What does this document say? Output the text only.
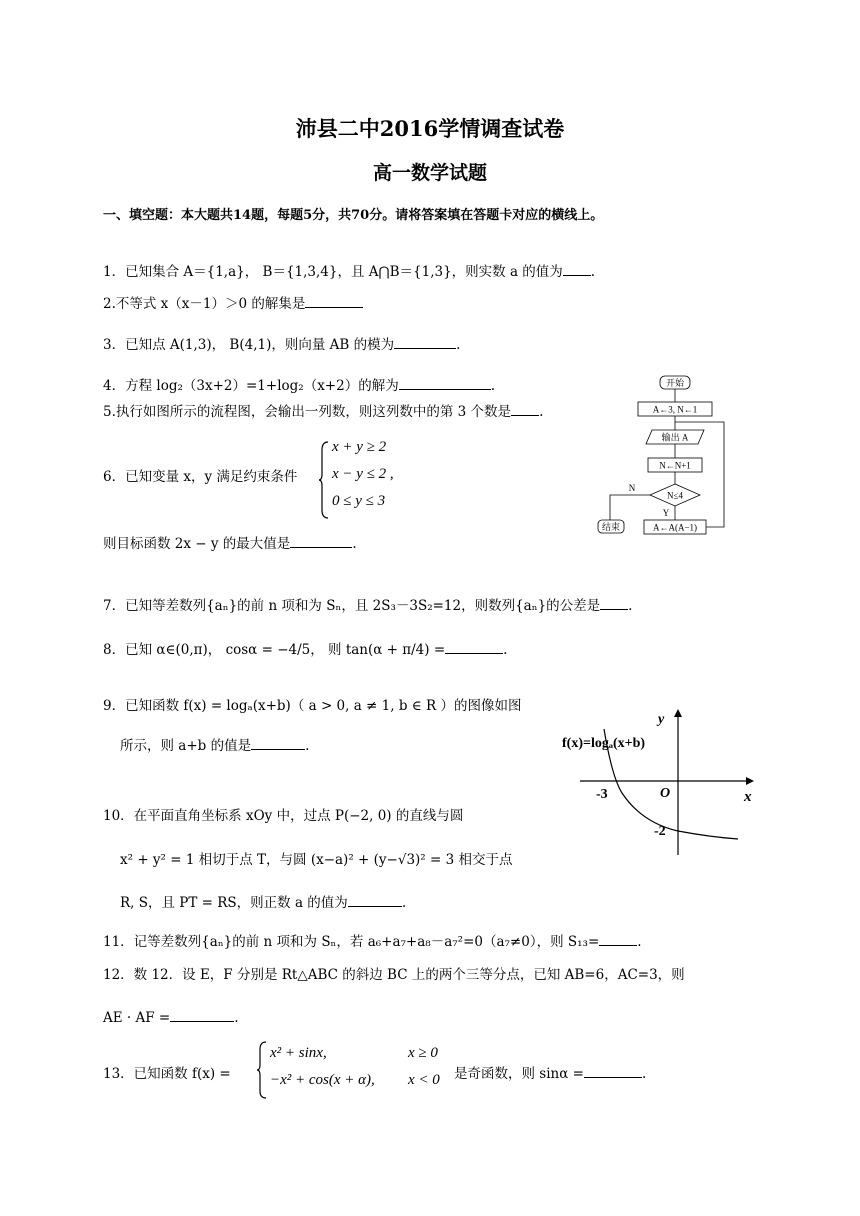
沛县二中2016学情调查试卷
高一数学试题
一、填空题：本大题共14题，每题5分，共70分。请将答案填在答题卡对应的横线上。
1．已知集合 A＝{1,a}， B＝{1,3,4}，且 A⋂B＝{1,3}，则实数 a 的值为 .
2.不等式 x（x－1）＞0 的解集是
3．已知点 A(1,3)， B(4,1)，则向量 AB 的模为	.
4．方程 log₂（3x+2）=1+log₂（x+2）的解为	.
5.执行如图所示的流程图，会输出一列数，则这列数中的第 3 个数是 .
6．已知变量 x，y 满足约束条件
x + y ≥ 2
x − y ≤ 2 ,
0 ≤ y ≤ 3
则目标函数 2x − y 的最大值是	.
开始
A←3, N←1
输出 A
N←N+1
N≤4
A←A(A−1)
结束
N
Y
7．已知等差数列{aₙ}的前 n 项和为 Sₙ，且 2S₃－3S₂=12，则数列{aₙ}的公差是 .
8．已知 α∈(0,π)， cosα = −4/5， 则 tan(α + π/4) =	.
9．已知函数 f(x) = logₐ(x+b)（ a > 0, a ≠ 1, b ∈ R ）的图像如图
所示，则 a+b 的值是	.	f(x)=logₐ(x+b)
y
x
O
-3
-2
10．在平面直角坐标系 xOy 中，过点 P(−2, 0) 的直线与圆
x² + y² = 1 相切于点 T，与圆 (x−a)² + (y−√3)² = 3 相交于点
R, S，且 PT = RS，则正数 a 的值为	.
11．记等差数列{aₙ}的前 n 项和为 Sₙ，若 a₆+a₇+a₈－a₇²=0（a₇≠0），则 S₁₃=	.
12．数 12．设 E，F 分别是 Rt△ABC 的斜边 BC 上的两个三等分点，已知 AB=6，AC=3，则
AE · AF =	.
13．已知函数 f(x) =
x² + sinx,
−x² + cos(x + α),
x ≥ 0
x < 0 是奇函数，则 sinα =	.
